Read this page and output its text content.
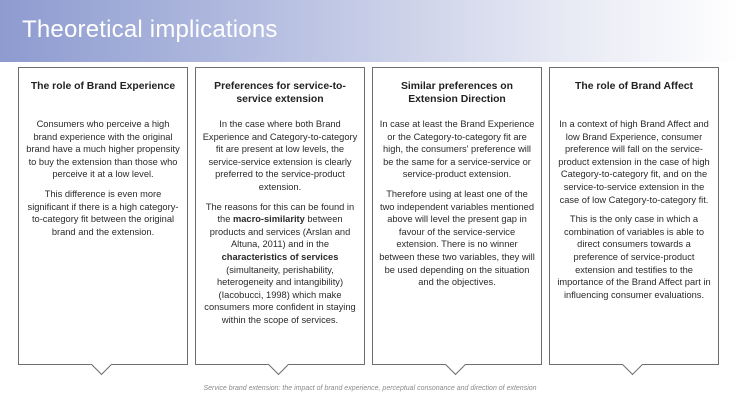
Theoretical implications
The role of Brand Experience

Consumers who perceive a high brand experience with the original brand have a much higher propensity to buy the extension than those who perceive it at a low level.

This difference is even more significant if there is a high category-to-category fit between the original brand and the extension.

Preferences for service-to-service extension

In the case where both Brand Experience and Category-to-category fit are present at low levels, the service-service extension is clearly preferred to the service-product extension.

The reasons for this can be found in the macro-similarity between products and services (Arslan and Altuna, 2011) and in the characteristics of services (simultaneity, perishability, heterogeneity and intangibility) (Iacobucci, 1998) which make consumers more confident in staying within the scope of services.

Similar preferences on Extension Direction

In case at least the Brand Experience or the Category-to-category fit are high, the consumers' preference will be the same for a service-service or service-product extension.

Therefore using at least one of the two independent variables mentioned above will level the present gap in favour of the service-service extension. There is no winner between these two variables, they will be used depending on the situation and the objectives.

The role of Brand Affect

In a context of high Brand Affect and low Brand Experience, consumer preference will fall on the service-product extension in the case of high Category-to-category fit, and on the service-to-service extension in the case of low Category-to-category fit.

This is the only case in which a combination of variables is able to direct consumers towards a preference of service-product extension and testifies to the importance of the Brand Affect part in influencing consumer evaluations.

Service brand extension: the impact of brand experience, perceptual consonance and direction of extension
